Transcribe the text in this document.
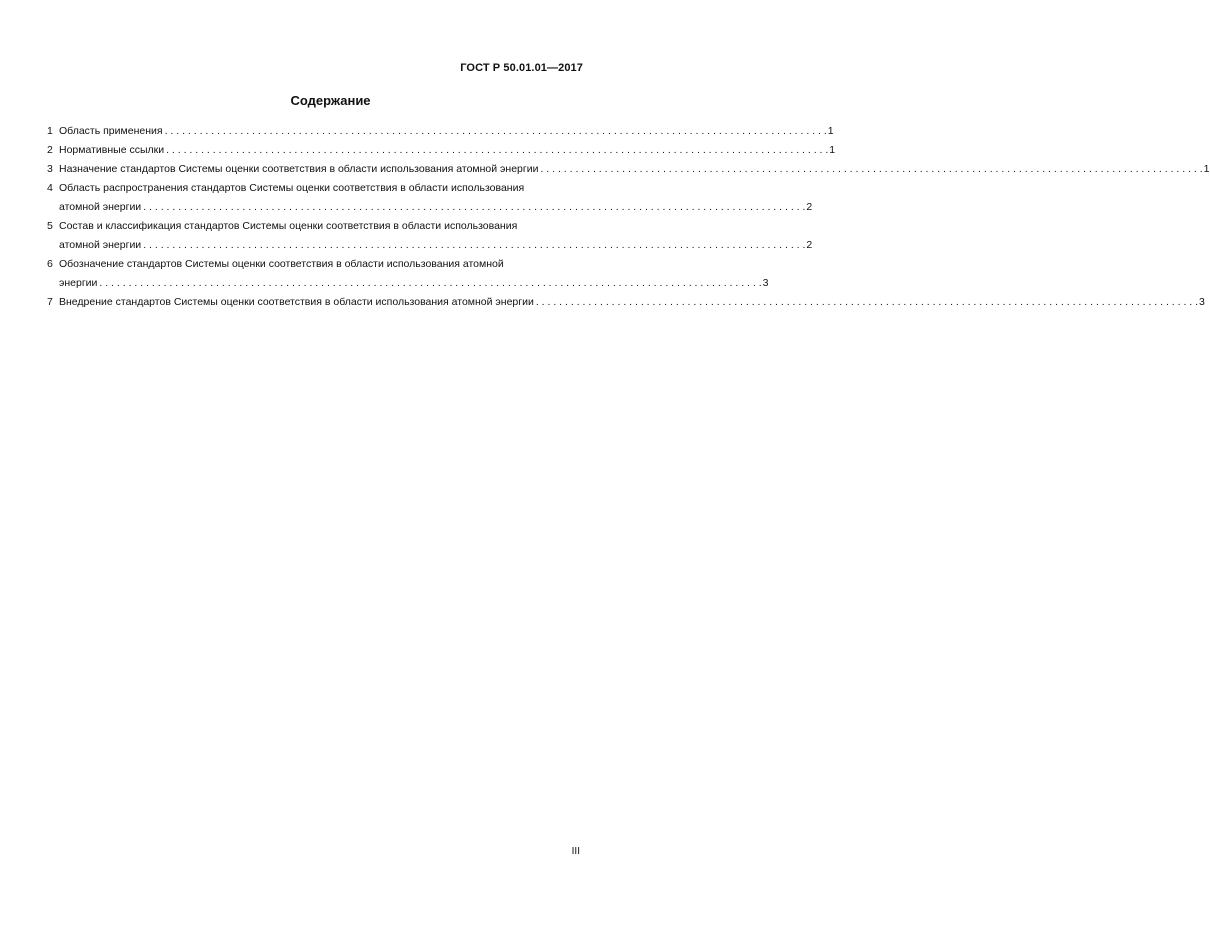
ГОСТ Р 50.01.01—2017
Содержание
1 Область применения . . .	1
2 Нормативные ссылки . . .	1
3 Назначение стандартов Системы оценки соответствия в области использования атомной энергии . . .	1
4 Область распространения стандартов Системы оценки соответствия в области использования
атомной энергии . . .	2
5 Состав и классификация стандартов Системы оценки соответствия в области использования
атомной энергии . . .	2
6 Обозначение стандартов Системы оценки соответствия в области использования атомной
энергии . . .	3
7 Внедрение стандартов Системы оценки соответствия в области использования атомной энергии . . .	3
III
